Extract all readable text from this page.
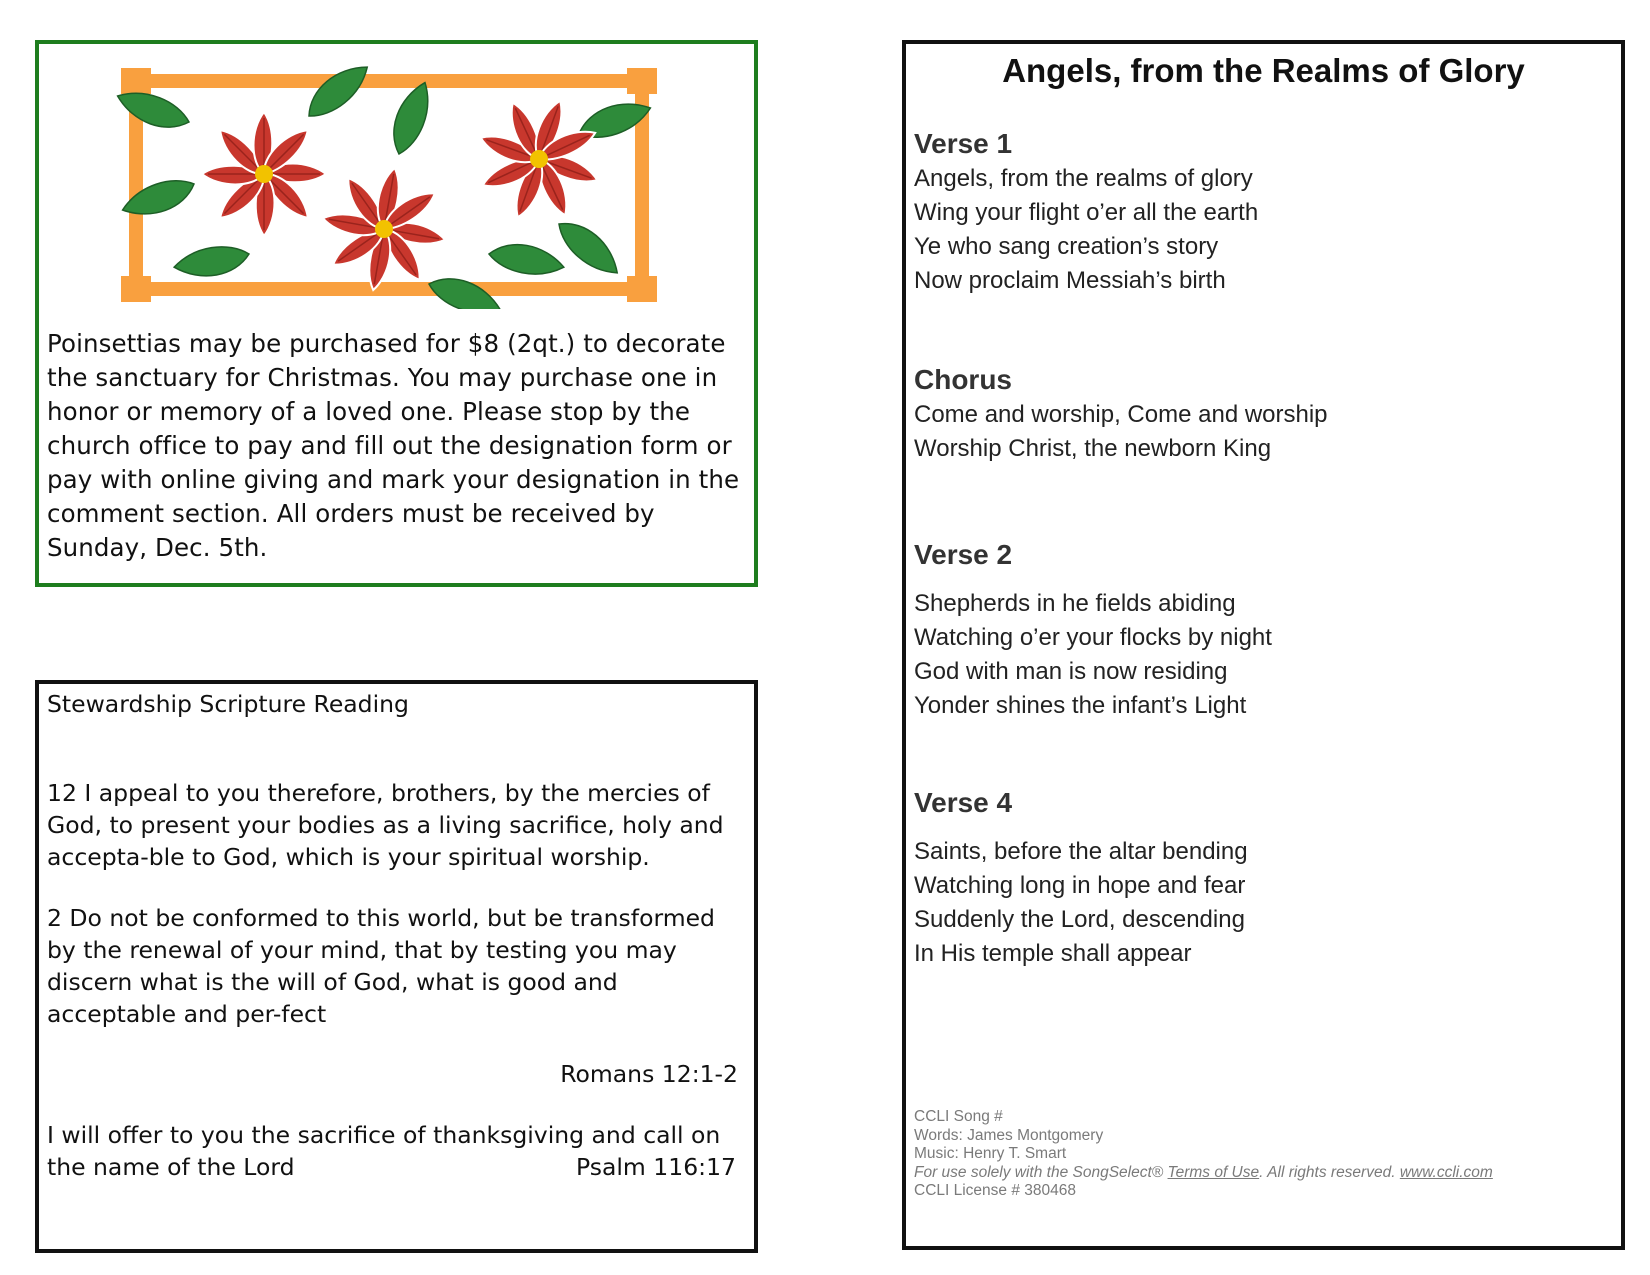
Poinsettias may be purchased for $8 (2qt.) to decorate the sanctuary for Christmas. You may purchase one in honor or memory of a loved one. Please stop by the church office to pay and fill out the designation form or pay with online giving and mark your designation in the comment section. All orders must be received by Sunday, Dec. 5th.

Stewardship Scripture Reading

12 I appeal to you therefore, brothers, by the mercies of God, to present your bodies as a living sacrifice, holy and accepta-ble to God, which is your spiritual worship.

2 Do not be conformed to this world, but be transformed by the renewal of your mind, that by testing you may discern what is the will of God, what is good and acceptable and per-fect

Romans 12:1-2

I will offer to you the sacrifice of thanksgiving and call on the name of the Lord	Psalm 116:17

Angels, from the Realms of Glory
Verse 1
Angels, from the realms of glory
Wing your flight o’er all the earth
Ye who sang creation’s story
Now proclaim Messiah’s birth
Chorus
Come and worship, Come and worship
Worship Christ, the newborn King
Verse 2
Shepherds in he fields abiding
Watching o’er your flocks by night
God with man is now residing
Yonder shines the infant’s Light
Verse 4
Saints, before the altar bending
Watching long in hope and fear
Suddenly the Lord, descending
In His temple shall appear
CCLI Song #
Words: James Montgomery
Music: Henry T. Smart
For use solely with the SongSelect® Terms of Use. All rights reserved. www.ccli.com
CCLI License # 380468
